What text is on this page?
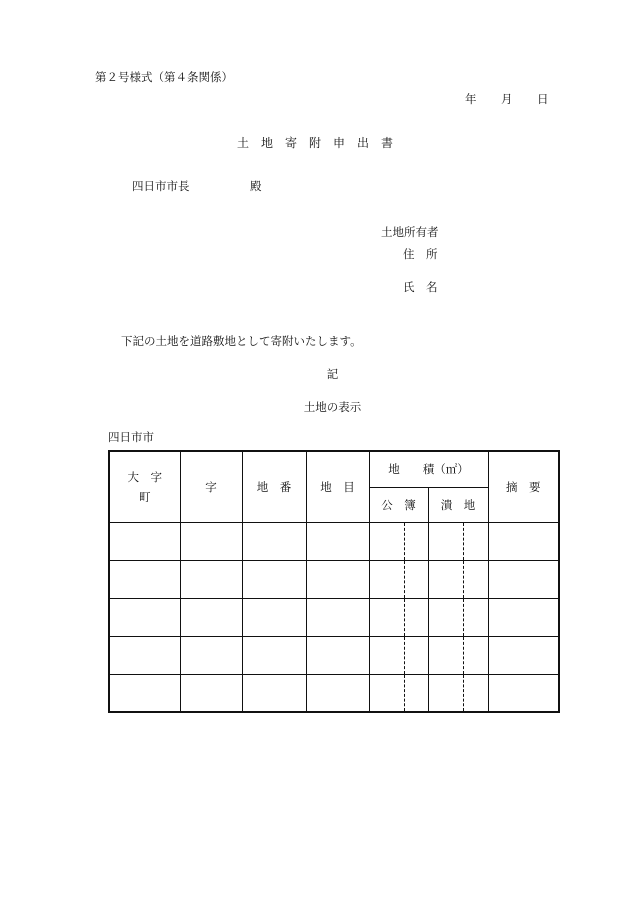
第２号様式（第４条関係）
年 月 日
土　地　寄　附　申　出　書
四日市市長	殿
土地所有者
住　所
氏　名
下記の土地を道路敷地として寄附いたします。
記
土地の表示
四日市市
大　字
町	字	地　番	地　目	地　　積（㎡）		摘　要
				公　簿	潰　地	
